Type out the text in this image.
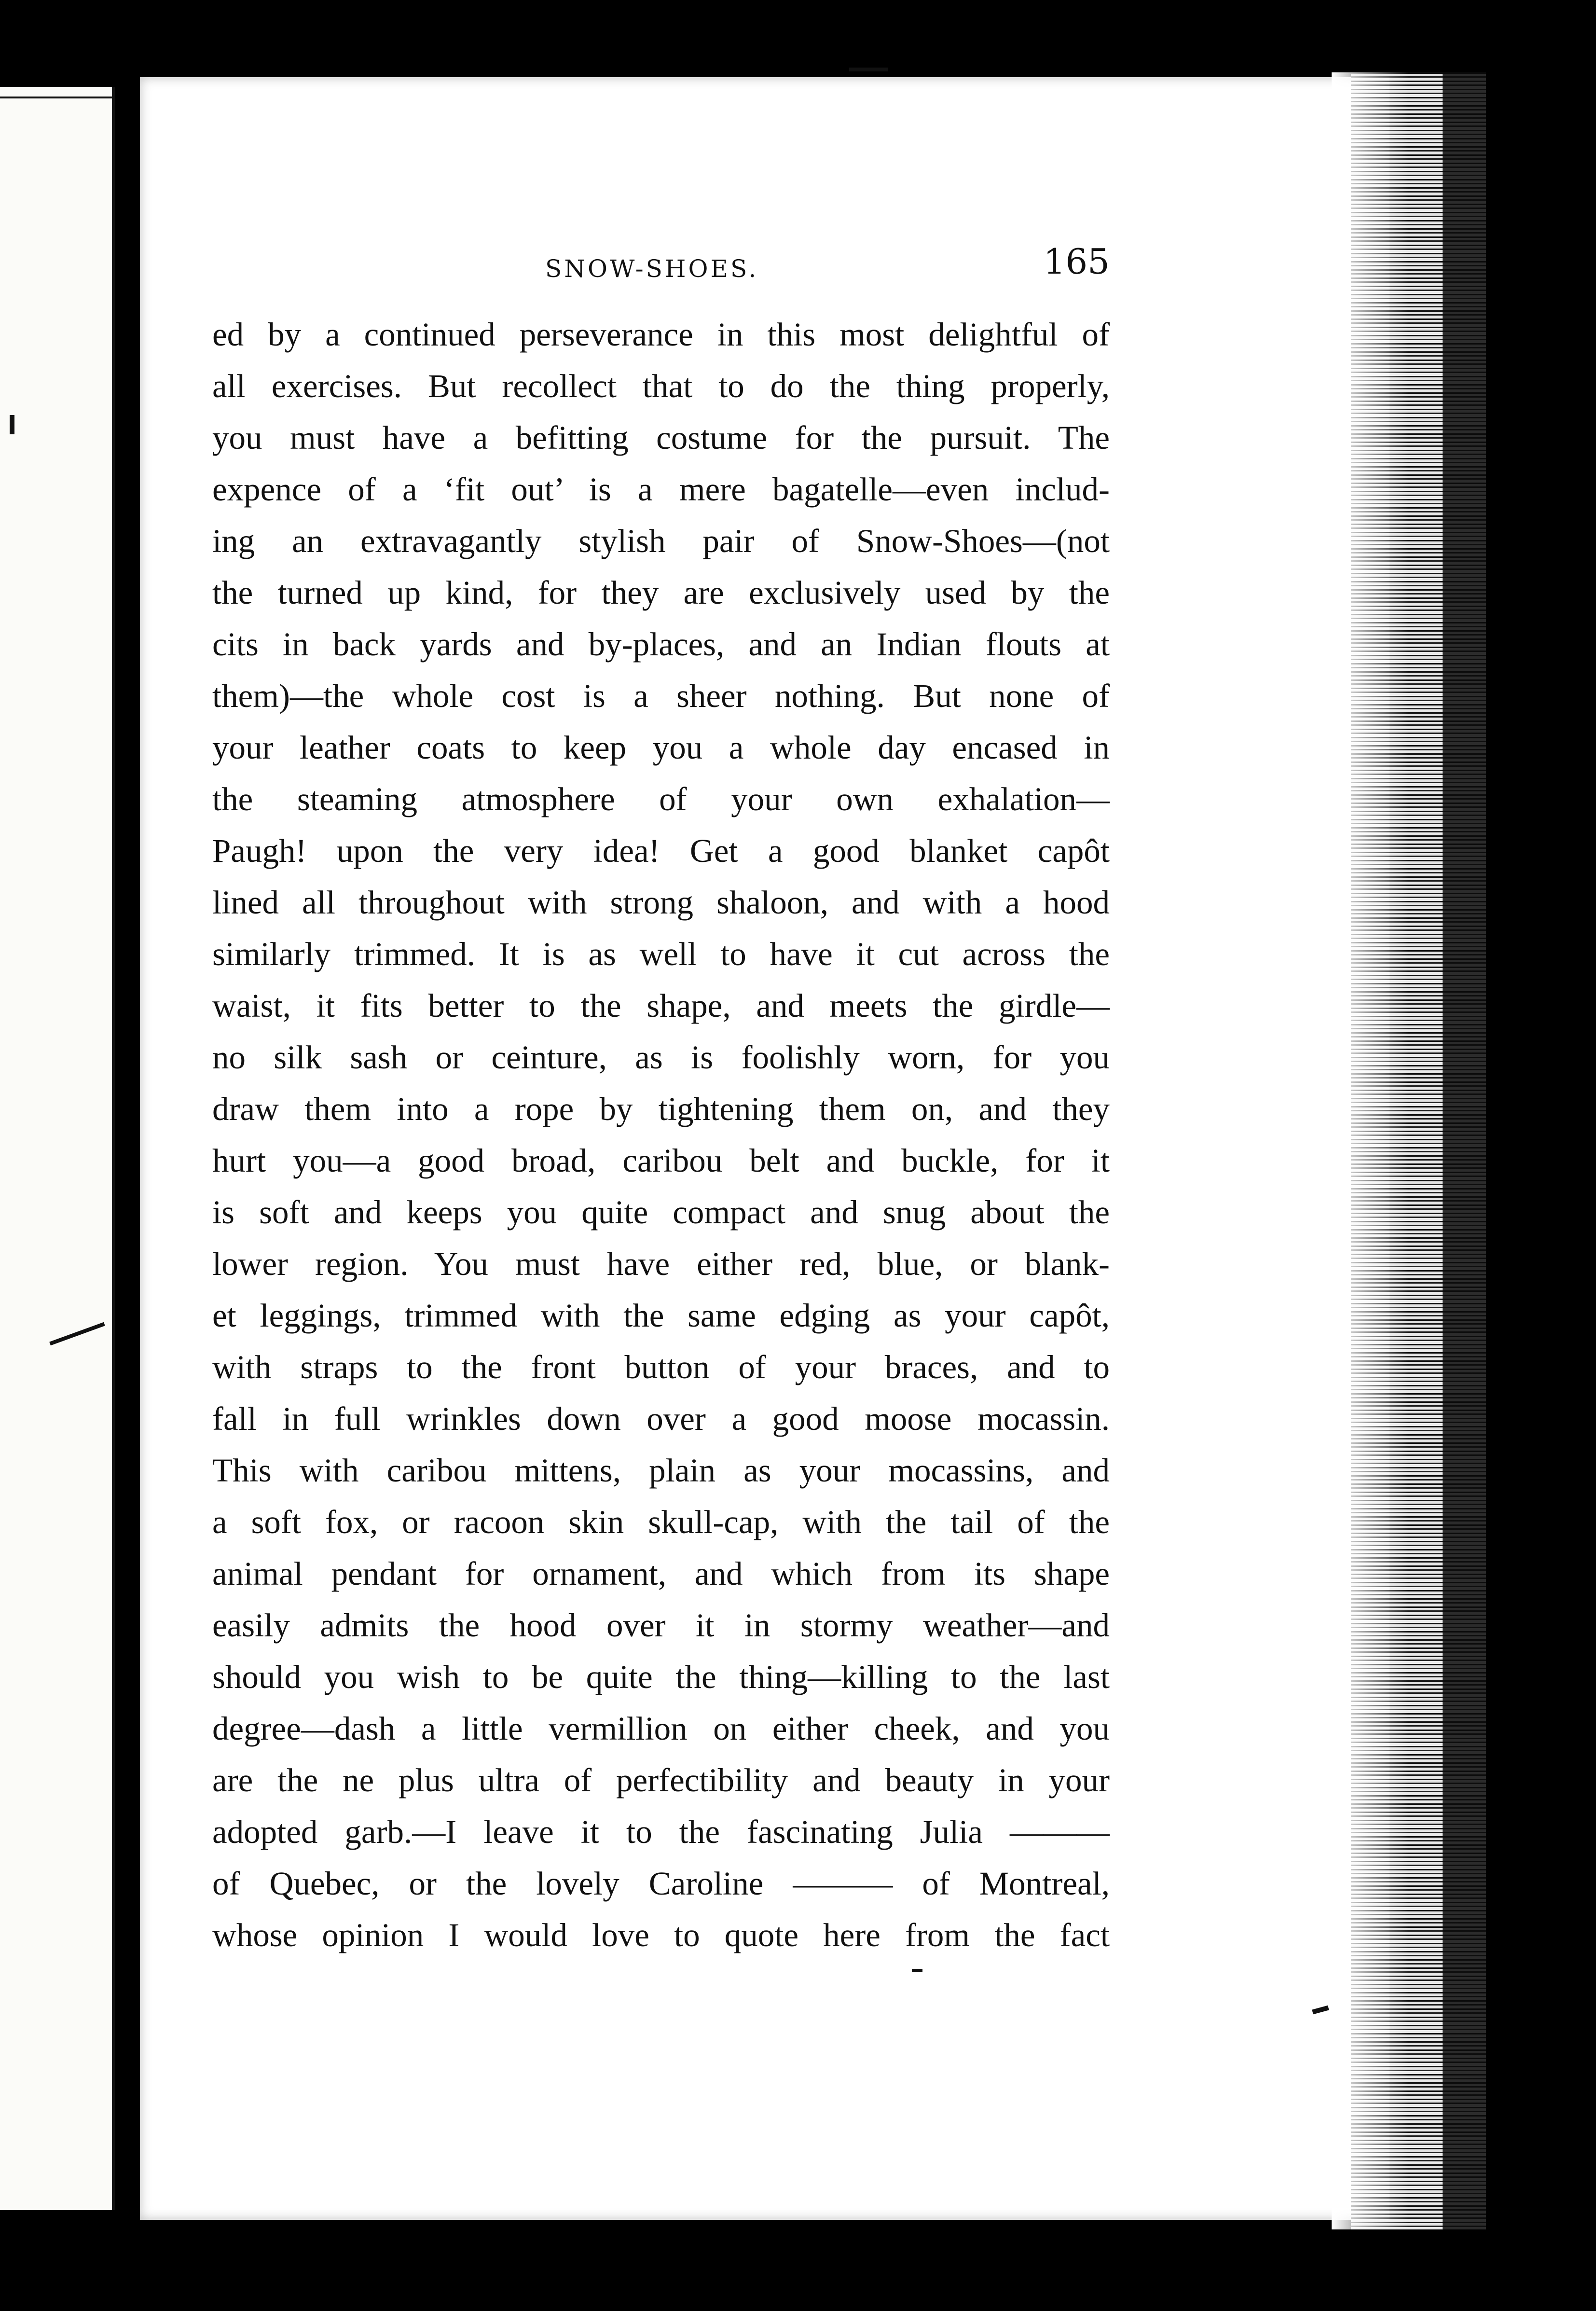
SNOW-SHOES.	165
ed by a continued perseverance in this most delightful of
all exercises. But recollect that to do the thing properly,
you must have a befitting costume for the pursuit. The
expence of a ‘fit out’ is a mere bagatelle—even includ-
ing an extravagantly stylish pair of Snow-Shoes—(not
the turned up kind, for they are exclusively used by the
cits in back yards and by-places, and an Indian flouts at
them)—the whole cost is a sheer nothing. But none of
your leather coats to keep you a whole day encased in
the steaming atmosphere of your own exhalation—
Paugh! upon the very idea! Get a good blanket capôt
lined all throughout with strong shaloon, and with a hood
similarly trimmed. It is as well to have it cut across the
waist, it fits better to the shape, and meets the girdle—
no silk sash or ceinture, as is foolishly worn, for you
draw them into a rope by tightening them on, and they
hurt you—a good broad, caribou belt and buckle, for it
is soft and keeps you quite compact and snug about the
lower region. You must have either red, blue, or blank-
et leggings, trimmed with the same edging as your capôt,
with straps to the front button of your braces, and to
fall in full wrinkles down over a good moose mocassin.
This with caribou mittens, plain as your mocassins, and
a soft fox, or racoon skin skull-cap, with the tail of the
animal pendant for ornament, and which from its shape
easily admits the hood over it in stormy weather—and
should you wish to be quite the thing—killing to the last
degree—dash a little vermillion on either cheek, and you
are the ne plus ultra of perfectibility and beauty in your
adopted garb.—I leave it to the fascinating Julia ———
of Quebec, or the lovely Caroline ——— of Montreal,
whose opinion I would love to quote here from the fact
